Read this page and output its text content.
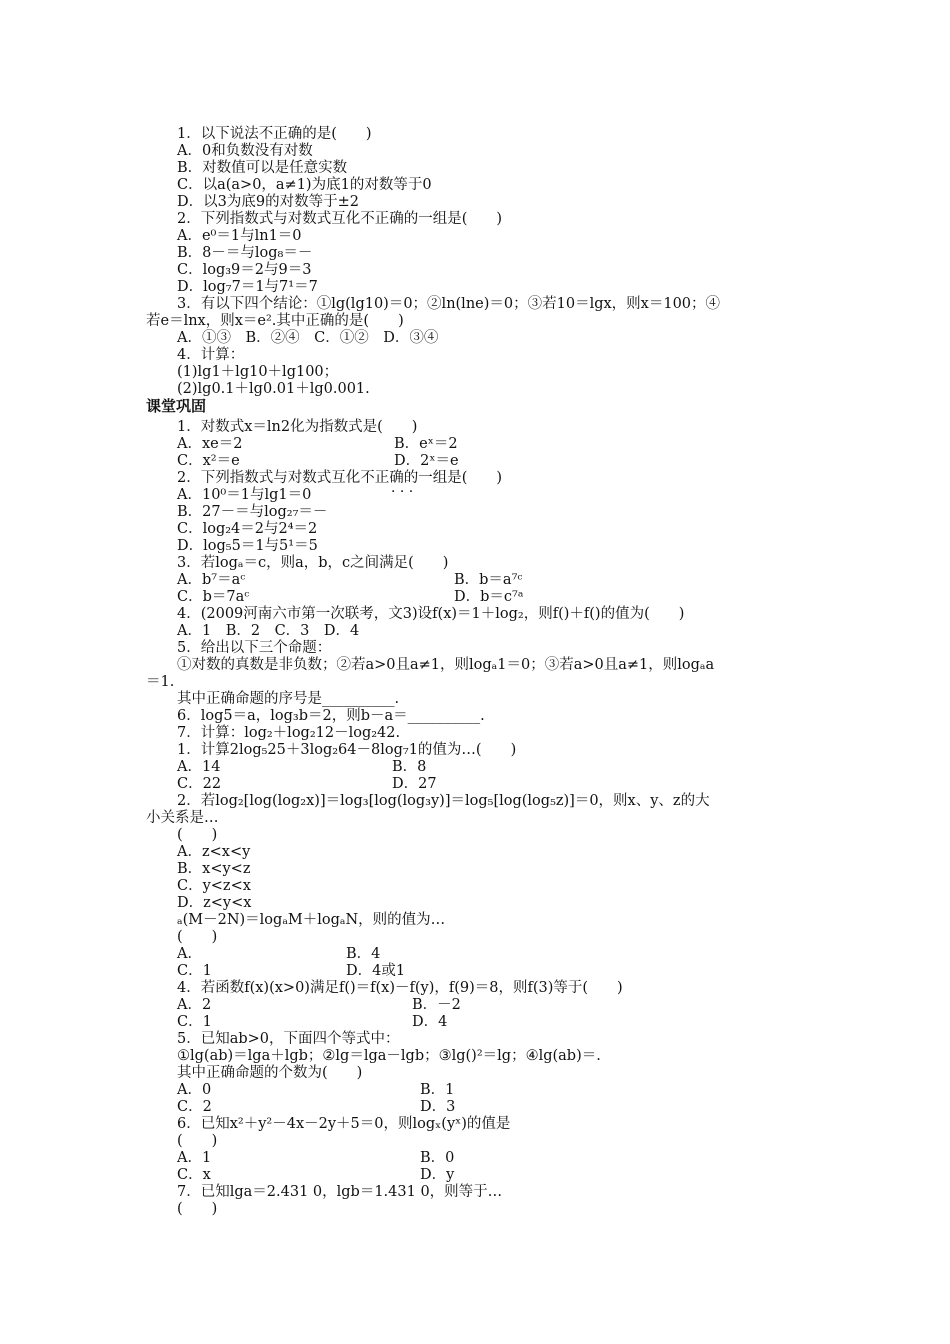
1．以下说法不正确的是(　　)
A．0和负数没有对数
B．对数值可以是任意实数
C．以a(a>0，a≠1)为底1的对数等于0
D．以3为底9的对数等于±2
2．下列指数式与对数式互化不正确的一组是(　　)
A．e⁰＝1与ln1＝0
B．8－＝与log₈＝－
C．log₃9＝2与9＝3
D．log₇7＝1与7¹＝7
3．有以下四个结论：①lg(lg10)＝0；②ln(lne)＝0；③若10＝lgx，则x＝100；④
若e＝lnx，则x＝e².其中正确的是(　　)
A．①③　B．②④　C．①②　D．③④
4．计算：
(1)lg1＋lg10＋lg100；
(2)lg0.1＋lg0.01＋lg0.001.
课堂巩固
1．对数式x＝ln2化为指数式是(　　)
A．xe＝2	B．eˣ＝2
C．x²＝e	D．2ˣ＝e
2．下列指数式与对数式互化不正确的一组是(　　)
A．10⁰＝1与lg1＝0
B．27－＝与log₂₇＝－
C．log₂4＝2与2⁴＝2
D．log₅5＝1与5¹＝5
3．若logₐ＝c，则a，b，c之间满足(　　)
A．b⁷＝aᶜ	B．b＝a⁷ᶜ
C．b＝7aᶜ	D．b＝c⁷ᵃ
4．(2009河南六市第一次联考，文3)设f(x)＝1＋log₂，则f()＋f()的值为(　　)
A．1　B．2　C．3　D．4
5．给出以下三个命题：
①对数的真数是非负数；②若a>0且a≠1，则logₐ1＝0；③若a>0且a≠1，则logₐa
＝1.
其中正确命题的序号是__________.
6．log5＝a，log₃b＝2，则b－a＝__________.
7．计算：log₂＋log₂12－log₂42.
1．计算2log₅25＋3log₂64－8log₇1的值为…(　　)
A．14	B．8
C．22	D．27
2．若log₂[log(log₂x)]＝log₃[log(log₃y)]＝log₅[log(log₅z)]＝0，则x、y、z的大
小关系是…
(　　)
A．z<x<y
B．x<y<z
C．y<z<x
D．z<y<x
ₐ(M－2N)＝logₐM＋logₐN，则的值为…
(　　)
A．	B．4
C．1	D．4或1
4．若函数f(x)(x>0)满足f()＝f(x)－f(y)，f(9)＝8，则f(3)等于(　　)
A．2	B．－2
C．1	D．4
5．已知ab>0，下面四个等式中：
①lg(ab)＝lga＋lgb；②lg＝lga－lgb；③lg()²＝lg；④lg(ab)＝.
其中正确命题的个数为(　　)
A．0	B．1
C．2	D．3
6．已知x²＋y²－4x－2y＋5＝0，则logₓ(yˣ)的值是
(　　)
A．1	B．0
C．x	D．y
7．已知lga＝2.431 0，lgb＝1.431 0，则等于…
(　　)
· · ·
